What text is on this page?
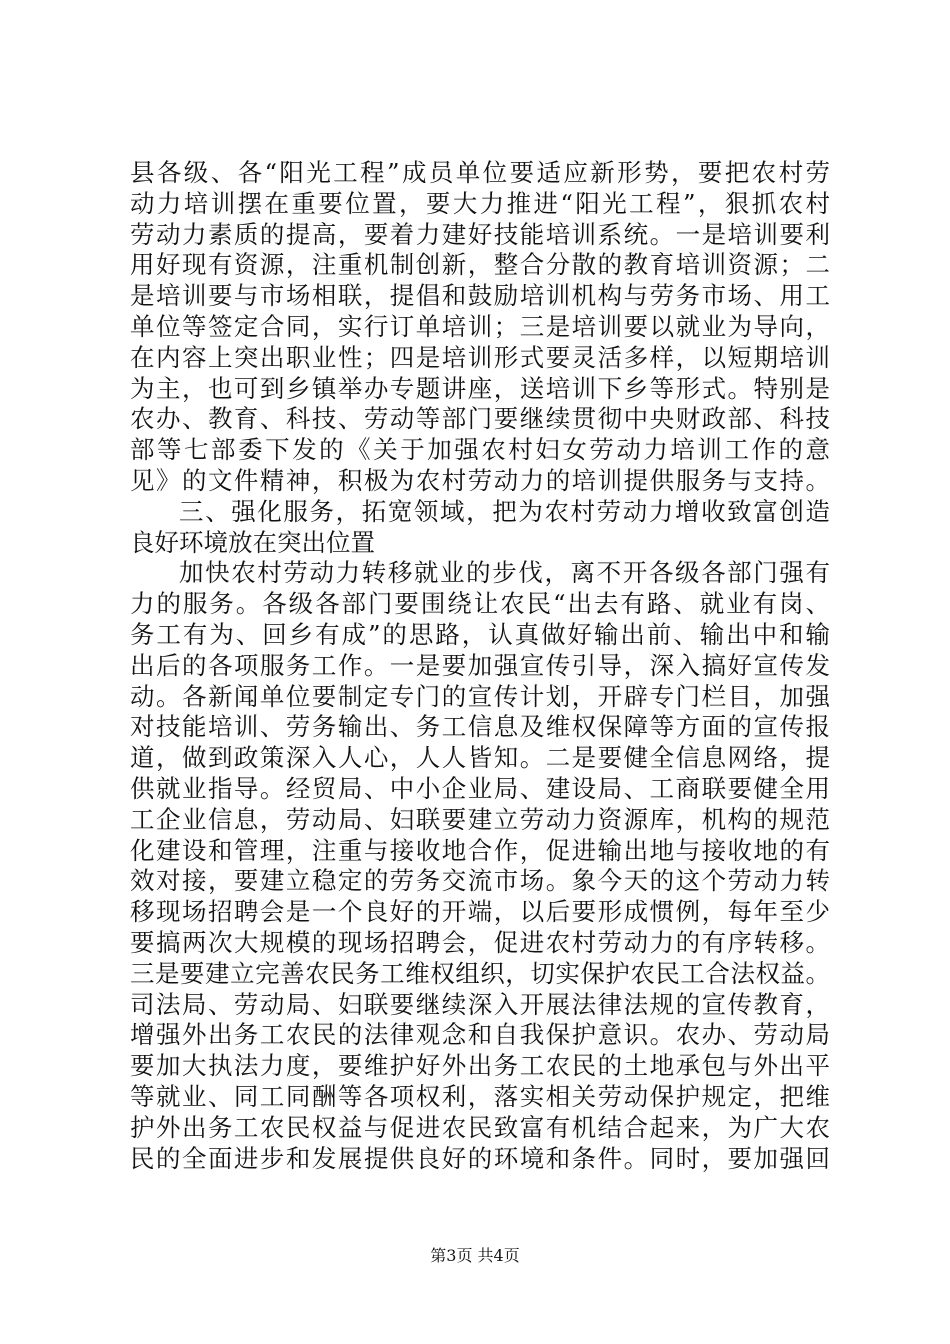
县各级、各“阳光工程”成员单位要适应新形势，要把农村劳
动力培训摆在重要位置，要大力推进“阳光工程”，狠抓农村
劳动力素质的提高，要着力建好技能培训系统。一是培训要利
用好现有资源，注重机制创新，整合分散的教育培训资源；二
是培训要与市场相联，提倡和鼓励培训机构与劳务市场、用工
单位等签定合同，实行订单培训；三是培训要以就业为导向，
在内容上突出职业性；四是培训形式要灵活多样，以短期培训
为主，也可到乡镇举办专题讲座，送培训下乡等形式。特别是
农办、教育、科技、劳动等部门要继续贯彻中央财政部、科技
部等七部委下发的《关于加强农村妇女劳动力培训工作的意
见》的文件精神，积极为农村劳动力的培训提供服务与支持。
三、强化服务，拓宽领域，把为农村劳动力增收致富创造
良好环境放在突出位置
加快农村劳动力转移就业的步伐，离不开各级各部门强有
力的服务。各级各部门要围绕让农民“出去有路、就业有岗、
务工有为、回乡有成”的思路，认真做好输出前、输出中和输
出后的各项服务工作。一是要加强宣传引导，深入搞好宣传发
动。各新闻单位要制定专门的宣传计划，开辟专门栏目，加强
对技能培训、劳务输出、务工信息及维权保障等方面的宣传报
道，做到政策深入人心，人人皆知。二是要健全信息网络，提
供就业指导。经贸局、中小企业局、建设局、工商联要健全用
工企业信息，劳动局、妇联要建立劳动力资源库，机构的规范
化建设和管理，注重与接收地合作，促进输出地与接收地的有
效对接，要建立稳定的劳务交流市场。象今天的这个劳动力转
移现场招聘会是一个良好的开端，以后要形成惯例，每年至少
要搞两次大规模的现场招聘会，促进农村劳动力的有序转移。
三是要建立完善农民务工维权组织，切实保护农民工合法权益。
司法局、劳动局、妇联要继续深入开展法律法规的宣传教育，
增强外出务工农民的法律观念和自我保护意识。农办、劳动局
要加大执法力度，要维护好外出务工农民的土地承包与外出平
等就业、同工同酬等各项权利，落实相关劳动保护规定，把维
护外出务工农民权益与促进农民致富有机结合起来，为广大农
民的全面进步和发展提供良好的环境和条件。同时，要加强回
第3页 共4页
